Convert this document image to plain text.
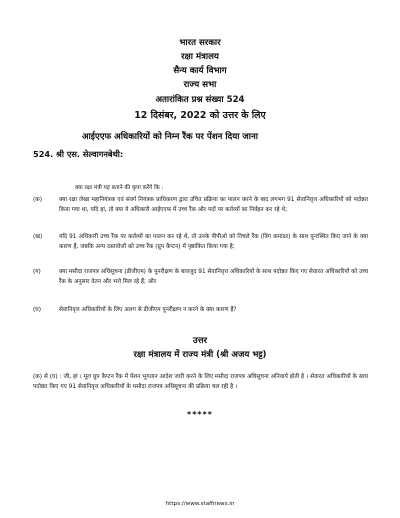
भारत सरकार
रक्षा मंत्रालय
सैन्य कार्य विभाग
राज्य सभा
अतारांकित प्रश्न संख्या 524
12 दिसंबर, 2022 को उत्तर के लिए
आईएएफ अधिकारियों को निम्न रैंक पर पेंशन दिया जाना
524. श्री एस. सेल्वागनबेथी:
क्या रक्षा मंत्री यह बताने की कृपा करेंगे कि :
(क)	क्या रक्षा लेखा महानियंत्रक एवं संवर्ग नियंत्रक प्राधिकरण द्वारा उचित प्रक्रिया का पालन करने के बाद लगभग 91 सेवानिवृत्त अधिकारियों को पदोन्नत किया गया था, यदि हां, तो क्या ये अधिकारी आईएएफ में उच्च रैंक और पदों पर कर्तव्यों का निर्वहन कर रहे थे;
(ख)	यदि 91 अधिकारी उच्च रैंक पर कर्तव्यों का पालन कर रहे थे, तो उनके पीपीओ को निचले रैंक (विंग कमांडर) के साथ पुनःस्थित किए जाने के क्या कारण हैं, जबकि अन्य दस्तावेजों को उच्च रैंक (ग्रुप कैप्टन) में पृष्ठांकित किया गया है;
(ग)	क्या मसौदा राजपत्र अधिसूचना (डीजीएम) के पुनरीक्षण के बावजूद 91 सेवानिवृत्त अधिकारियों के साथ पदोन्नत किए गए सेवारत अधिकारियों को उच्च रैंक के अनुसार वेतन और भत्ते मिल रहे हैं; और
(घ)	सेवानिवृत्त अधिकारियों के लिए अलग से डीजीएम पुनरीक्षण न करने के क्या कारण हैं?
उत्तर
रक्षा मंत्रालय में राज्य मंत्री (श्री अजय भट्ट)
(क) से (घ) : जी, हां । मूल ग्रुप कैप्टन रैंक में पेंशन भुगतान आदेश जारी करने के लिए मसौदा राजपत्र अधिसूचना अनिवार्य होती है । सेवारत अधिकारियों के साथ पदोन्नत किए गए 91 सेवानिवृत्त अधिकारियों के मसौदा राजपत्र अधिसूचना की प्रक्रिया चल रही है ।
*****
https://www.staffnews.in
